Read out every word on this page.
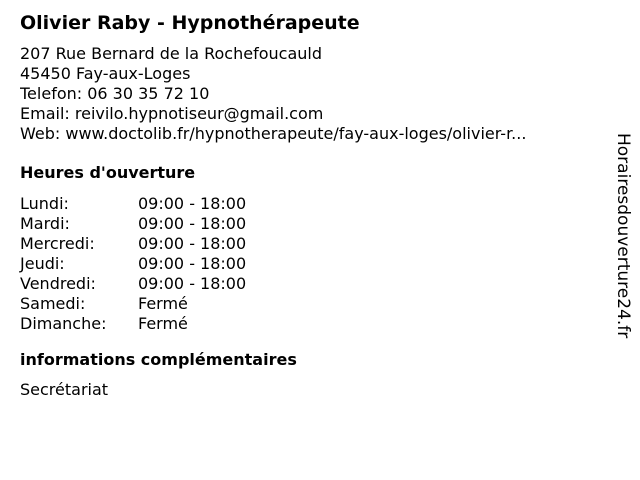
Olivier Raby - Hypnothérapeute
207 Rue Bernard de la Rochefoucauld
45450 Fay-aux-Loges
Telefon: 06 30 35 72 10
Email: reivilo.hypnotiseur@gmail.com
Web: www.doctolib.fr/hypnotherapeute/fay-aux-loges/olivier-r...
Heures d'ouverture
Lundi:	09:00 - 18:00
Mardi:	09:00 - 18:00
Mercredi:	09:00 - 18:00
Jeudi:	09:00 - 18:00
Vendredi:	09:00 - 18:00
Samedi:	Fermé
Dimanche:	Fermé
informations complémentaires
Secrétariat
Horairesdouverture24.fr
